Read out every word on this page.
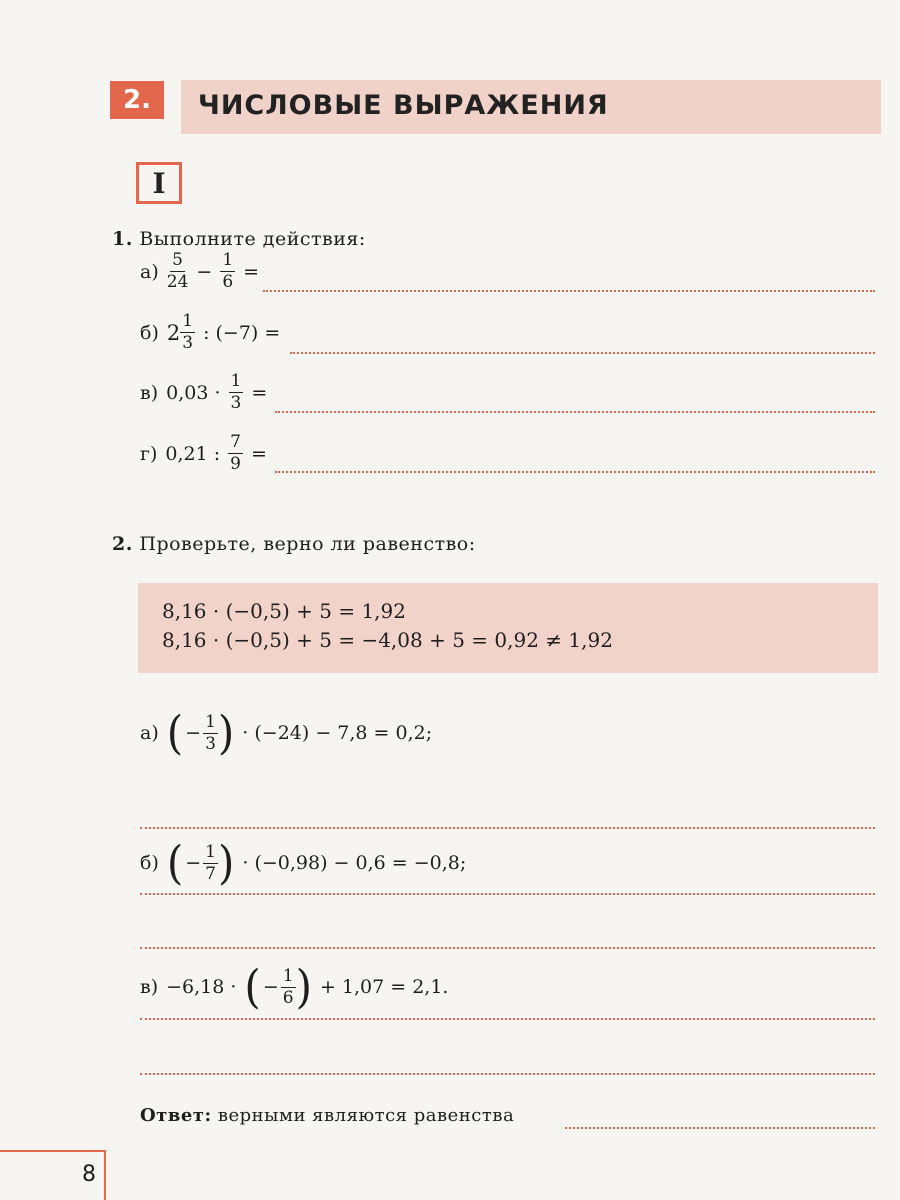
2.	ЧИСЛОВЫЕ ВЫРАЖЕНИЯ
I
1. Выполните действия:
$а) \frac{5}{24} - \frac{1}{6}$ =
б) $2 \frac{1}{3}$ : (−7) =
в) $0,03 \cdot \frac{1}{3}$ =
г) 0,21 : $\frac{7}{9}$ =
2. Проверьте, верно ли равенство:
8,16 · (−0,5) + 5 = 1,92
8,16 · (−0,5) + 5 = −4,08 + 5 = 0,92 ≠ 1,92
а) ( − $\frac{1}{3}$ ) · (−24) − 7,8 = 0,2;
б) ( − $\frac{1}{7}$ ) · (−0,98) − 0,6 = −0,8;
в) −6,18 · ( − $\frac{1}{6}$ ) + 1,07 = 2,1.
Ответ: верными являются равенства
8
